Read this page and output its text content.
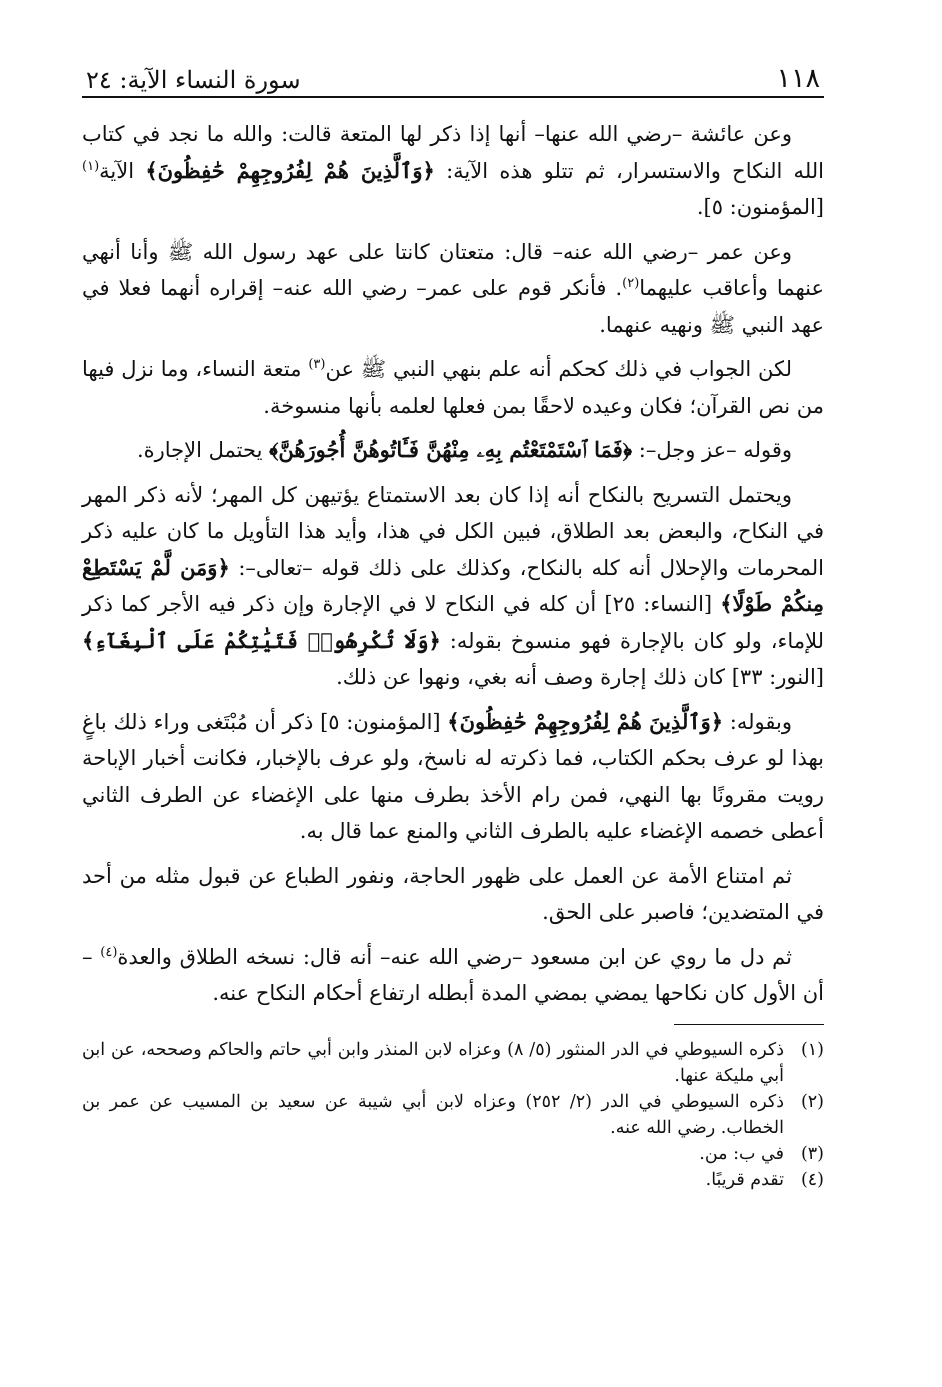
١١٨
سورة النساء الآية: ٢٤

وعن عائشة –رضي الله عنها– أنها إذا ذكر لها المتعة قالت: والله ما نجد في كتاب الله النكاح والاستسرار، ثم تتلو هذه الآية: ﴿وَٱلَّذِينَ هُمْ لِفُرُوجِهِمْ حَٰفِظُونَ﴾ الآية$^{(١)}$ [المؤمنون: ٥].

وعن عمر –رضي الله عنه– قال: متعتان كانتا على عهد رسول الله ﷺ وأنا أنهي عنهما وأعاقب عليهما$^{(٢)}$. فأنكر قوم على عمر– رضي الله عنه– إقراره أنهما فعلا في عهد النبي ﷺ ونهيه عنهما.

لكن الجواب في ذلك كحكم أنه علم بنهي النبي ﷺ عن$^{(٣)}$ متعة النساء، وما نزل فيها من نص القرآن؛ فكان وعيده لاحقًا بمن فعلها لعلمه بأنها منسوخة.

وقوله –عز وجل–: ﴿فَمَا ٱسْتَمْتَعْتُم بِهِۦ مِنْهُنَّ فَـَٔاتُوهُنَّ أُجُورَهُنَّ﴾ يحتمل الإجارة.

ويحتمل التسريح بالنكاح أنه إذا كان بعد الاستمتاع يؤتيهن كل المهر؛ لأنه ذكر المهر في النكاح، والبعض بعد الطلاق، فبين الكل في هذا، وأيد هذا التأويل ما كان عليه ذكر المحرمات والإحلال أنه كله بالنكاح، وكذلك على ذلك قوله –تعالى–: ﴿وَمَن لَّمْ يَسْتَطِعْ مِنكُمْ طَوْلًا﴾ [النساء: ٢٥] أن كله في النكاح لا في الإجارة وإن ذكر فيه الأجر كما ذكر للإماء، ولو كان بالإجارة فهو منسوخ بقوله: ﴿وَلَا تُكْرِهُوا۟ فَتَيَٰتِكُمْ عَلَى ٱلْبِغَآءِ﴾ [النور: ٣٣] كان ذلك إجارة وصف أنه بغي، ونهوا عن ذلك.

وبقوله: ﴿وَٱلَّذِينَ هُمْ لِفُرُوجِهِمْ حَٰفِظُونَ﴾ [المؤمنون: ٥] ذكر أن مُبْتَغى وراء ذلك باغٍ بهذا لو عرف بحكم الكتاب، فما ذكرته له ناسخ، ولو عرف بالإخبار، فكانت أخبار الإباحة رويت مقرونًا بها النهي، فمن رام الأخذ بطرف منها على الإغضاء عن الطرف الثاني أعطى خصمه الإغضاء عليه بالطرف الثاني والمنع عما قال به.

ثم امتناع الأمة عن العمل على ظهور الحاجة، ونفور الطباع عن قبول مثله من أحد في المتضدين؛ فاصبر على الحق.

ثم دل ما روي عن ابن مسعود –رضي الله عنه– أنه قال: نسخه الطلاق والعدة$^{(٤)}$ – أن الأول كان نكاحها يمضي بمضي المدة أبطله ارتفاع أحكام النكاح عنه.

(١)
ذكره السيوطي في الدر المنثور (٥/ ٨) وعزاه لابن المنذر وابن أبي حاتم والحاكم وصححه، عن ابن أبي مليكة عنها.
(٢)
ذكره السيوطي في الدر (٢/ ٢٥٢) وعزاه لابن أبي شيبة عن سعيد بن المسيب عن عمر بن الخطاب. رضي الله عنه.
(٣)
في ب: من.
(٤)
تقدم قريبًا.
